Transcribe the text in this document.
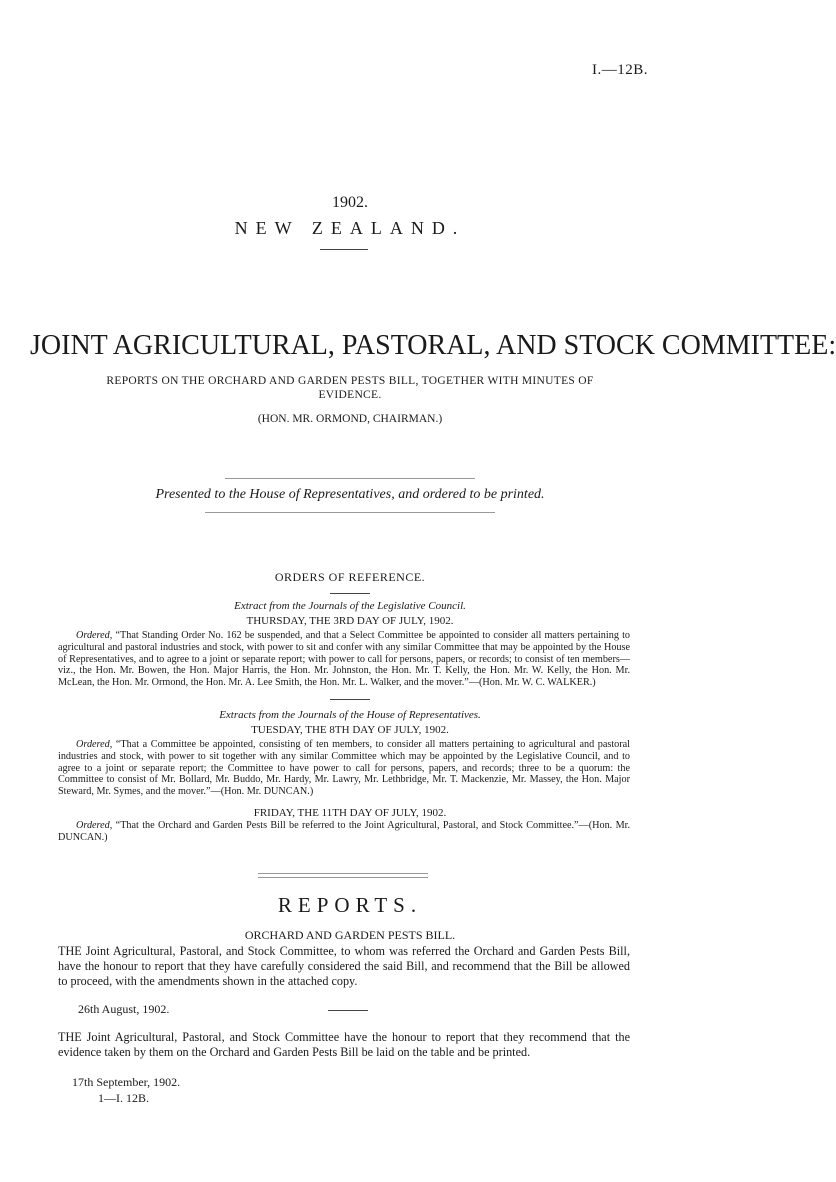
I.—12B.
1902.
NEW ZEALAND.
JOINT AGRICULTURAL, PASTORAL, AND STOCK COMMITTEE:
REPORTS ON THE ORCHARD AND GARDEN PESTS BILL, TOGETHER WITH MINUTES OF EVIDENCE.
(HON. MR. ORMOND, CHAIRMAN.)
Presented to the House of Representatives, and ordered to be printed.
ORDERS OF REFERENCE.
Extract from the Journals of the Legislative Council.
THURSDAY, THE 3RD DAY OF JULY, 1902.
Ordered, “That Standing Order No. 162 be suspended, and that a Select Committee be appointed to consider all matters pertaining to agricultural and pastoral industries and stock, with power to sit and confer with any similar Committee that may be appointed by the House of Representatives, and to agree to a joint or separate report; with power to call for persons, papers, or records; to consist of ten members—viz., the Hon. Mr. Bowen, the Hon. Major Harris, the Hon. Mr. Johnston, the Hon. Mr. T. Kelly, the Hon. Mr. W. Kelly, the Hon. Mr. McLean, the Hon. Mr. Ormond, the Hon. Mr. A. Lee Smith, the Hon. Mr. L. Walker, and the mover.”—(Hon. Mr. W. C. WALKER.)
Extracts from the Journals of the House of Representatives.
TUESDAY, THE 8TH DAY OF JULY, 1902.
Ordered, “That a Committee be appointed, consisting of ten members, to consider all matters pertaining to agricultural and pastoral industries and stock, with power to sit together with any similar Committee which may be appointed by the Legislative Council, and to agree to a joint or separate report; the Committee to have power to call for persons, papers, and records; three to be a quorum: the Committee to consist of Mr. Bollard, Mr. Buddo, Mr. Hardy, Mr. Lawry, Mr. Lethbridge, Mr. T. Mackenzie, Mr. Massey, the Hon. Major Steward, Mr. Symes, and the mover.”—(Hon. Mr. DUNCAN.)
FRIDAY, THE 11TH DAY OF JULY, 1902.
Ordered, “That the Orchard and Garden Pests Bill be referred to the Joint Agricultural, Pastoral, and Stock Committee.”—(Hon. Mr. DUNCAN.)
REPORTS.
ORCHARD AND GARDEN PESTS BILL.
THE Joint Agricultural, Pastoral, and Stock Committee, to whom was referred the Orchard and Garden Pests Bill, have the honour to report that they have carefully considered the said Bill, and recommend that the Bill be allowed to proceed, with the amendments shown in the attached copy.
26th August, 1902.
THE Joint Agricultural, Pastoral, and Stock Committee have the honour to report that they recommend that the evidence taken by them on the Orchard and Garden Pests Bill be laid on the table and be printed.
17th September, 1902.
1—I. 12B.
